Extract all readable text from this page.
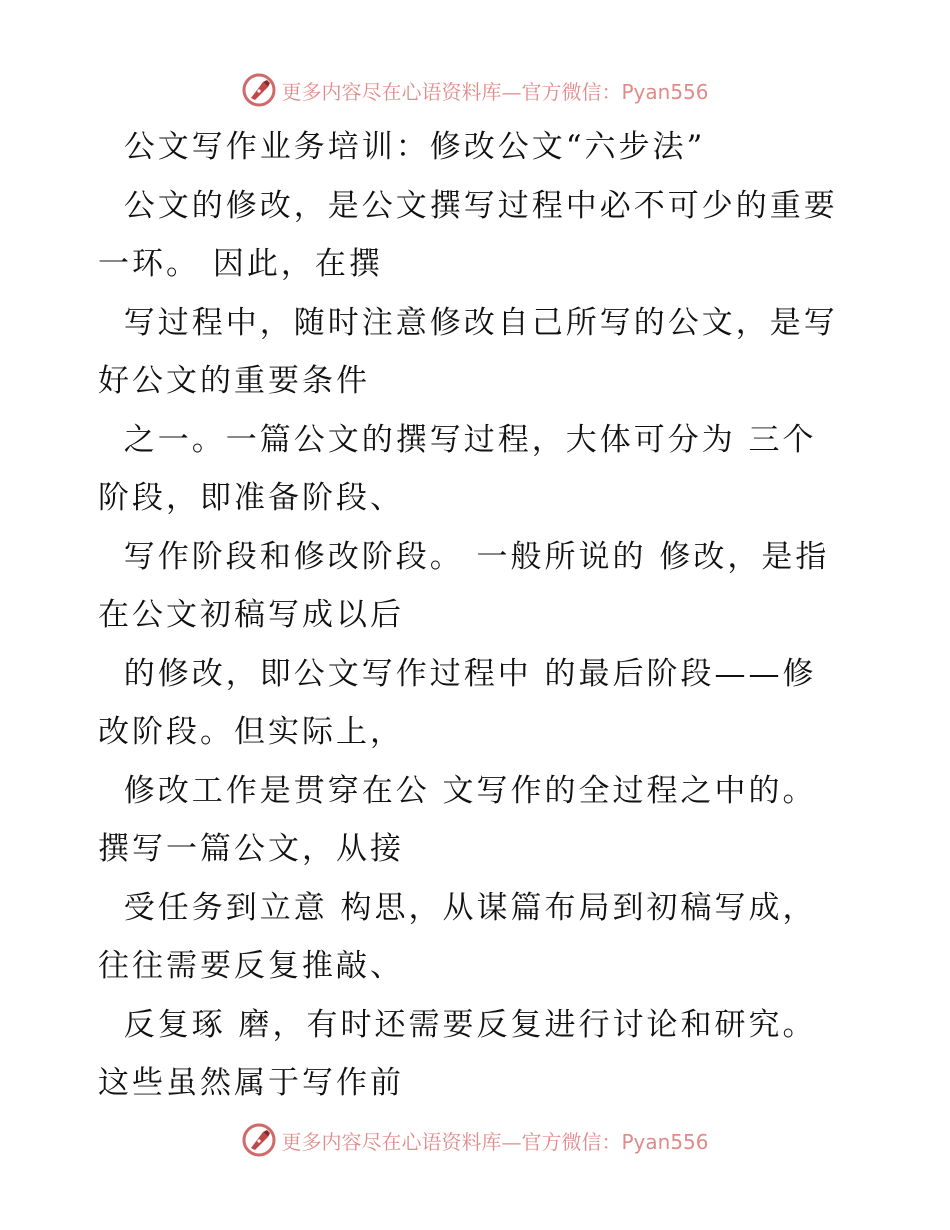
更多内容尽在心语资料库—官方微信：Pyan556
公文写作业务培训：修改公文“六步法”
公文的修改，是公文撰写过程中必不可少的重要
一环。 因此，在撰
写过程中，随时注意修改自己所写的公文，是写
好公文的重要条件
之一。一篇公文的撰写过程，大体可分为 三个
阶段，即准备阶段、
写作阶段和修改阶段。 一般所说的 修改，是指
在公文初稿写成以后
的修改，即公文写作过程中 的最后阶段——修
改阶段。但实际上，
修改工作是贯穿在公 文写作的全过程之中的。
撰写一篇公文，从接
受任务到立意 构思，从谋篇布局到初稿写成，
往往需要反复推敲、
反复琢 磨，有时还需要反复进行讨论和研究。
这些虽然属于写作前
更多内容尽在心语资料库—官方微信：Pyan556
